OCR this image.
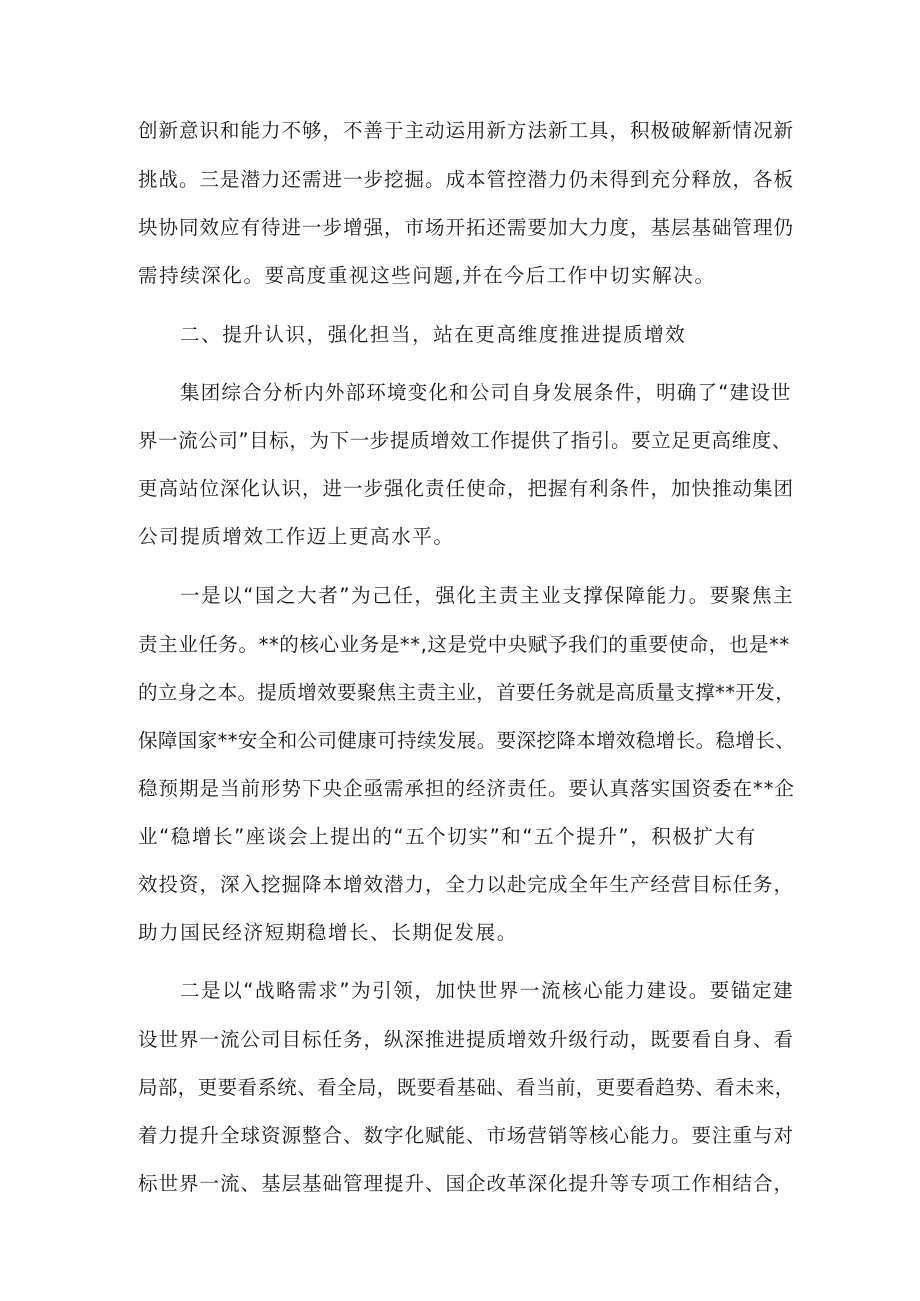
创新意识和能力不够，不善于主动运用新方法新工具，积极破解新情况新
挑战。三是潜力还需进一步挖掘。成本管控潜力仍未得到充分释放，各板
块协同效应有待进一步增强，市场开拓还需要加大力度，基层基础管理仍
需持续深化。要高度重视这些问题,并在今后工作中切实解决。
二、提升认识，强化担当，站在更高维度推进提质增效
集团综合分析内外部环境变化和公司自身发展条件，明确了“建设世
界一流公司”目标，为下一步提质增效工作提供了指引。要立足更高维度、
更高站位深化认识，进一步强化责任使命，把握有利条件，加快推动集团
公司提质增效工作迈上更高水平。
一是以“国之大者”为己任，强化主责主业支撑保障能力。要聚焦主
责主业任务。**的核心业务是**,这是党中央赋予我们的重要使命，也是**
的立身之本。提质增效要聚焦主责主业，首要任务就是高质量支撑**开发，
保障国家**安全和公司健康可持续发展。要深挖降本增效稳增长。稳增长、
稳预期是当前形势下央企亟需承担的经济责任。要认真落实国资委在**企
业“稳增长”座谈会上提出的“五个切实”和“五个提升”，积极扩大有
效投资，深入挖掘降本增效潜力，全力以赴完成全年生产经营目标任务，
助力国民经济短期稳增长、长期促发展。
二是以“战略需求”为引领，加快世界一流核心能力建设。要锚定建
设世界一流公司目标任务，纵深推进提质增效升级行动，既要看自身、看
局部，更要看系统、看全局，既要看基础、看当前，更要看趋势、看未来，
着力提升全球资源整合、数字化赋能、市场营销等核心能力。要注重与对
标世界一流、基层基础管理提升、国企改革深化提升等专项工作相结合，
